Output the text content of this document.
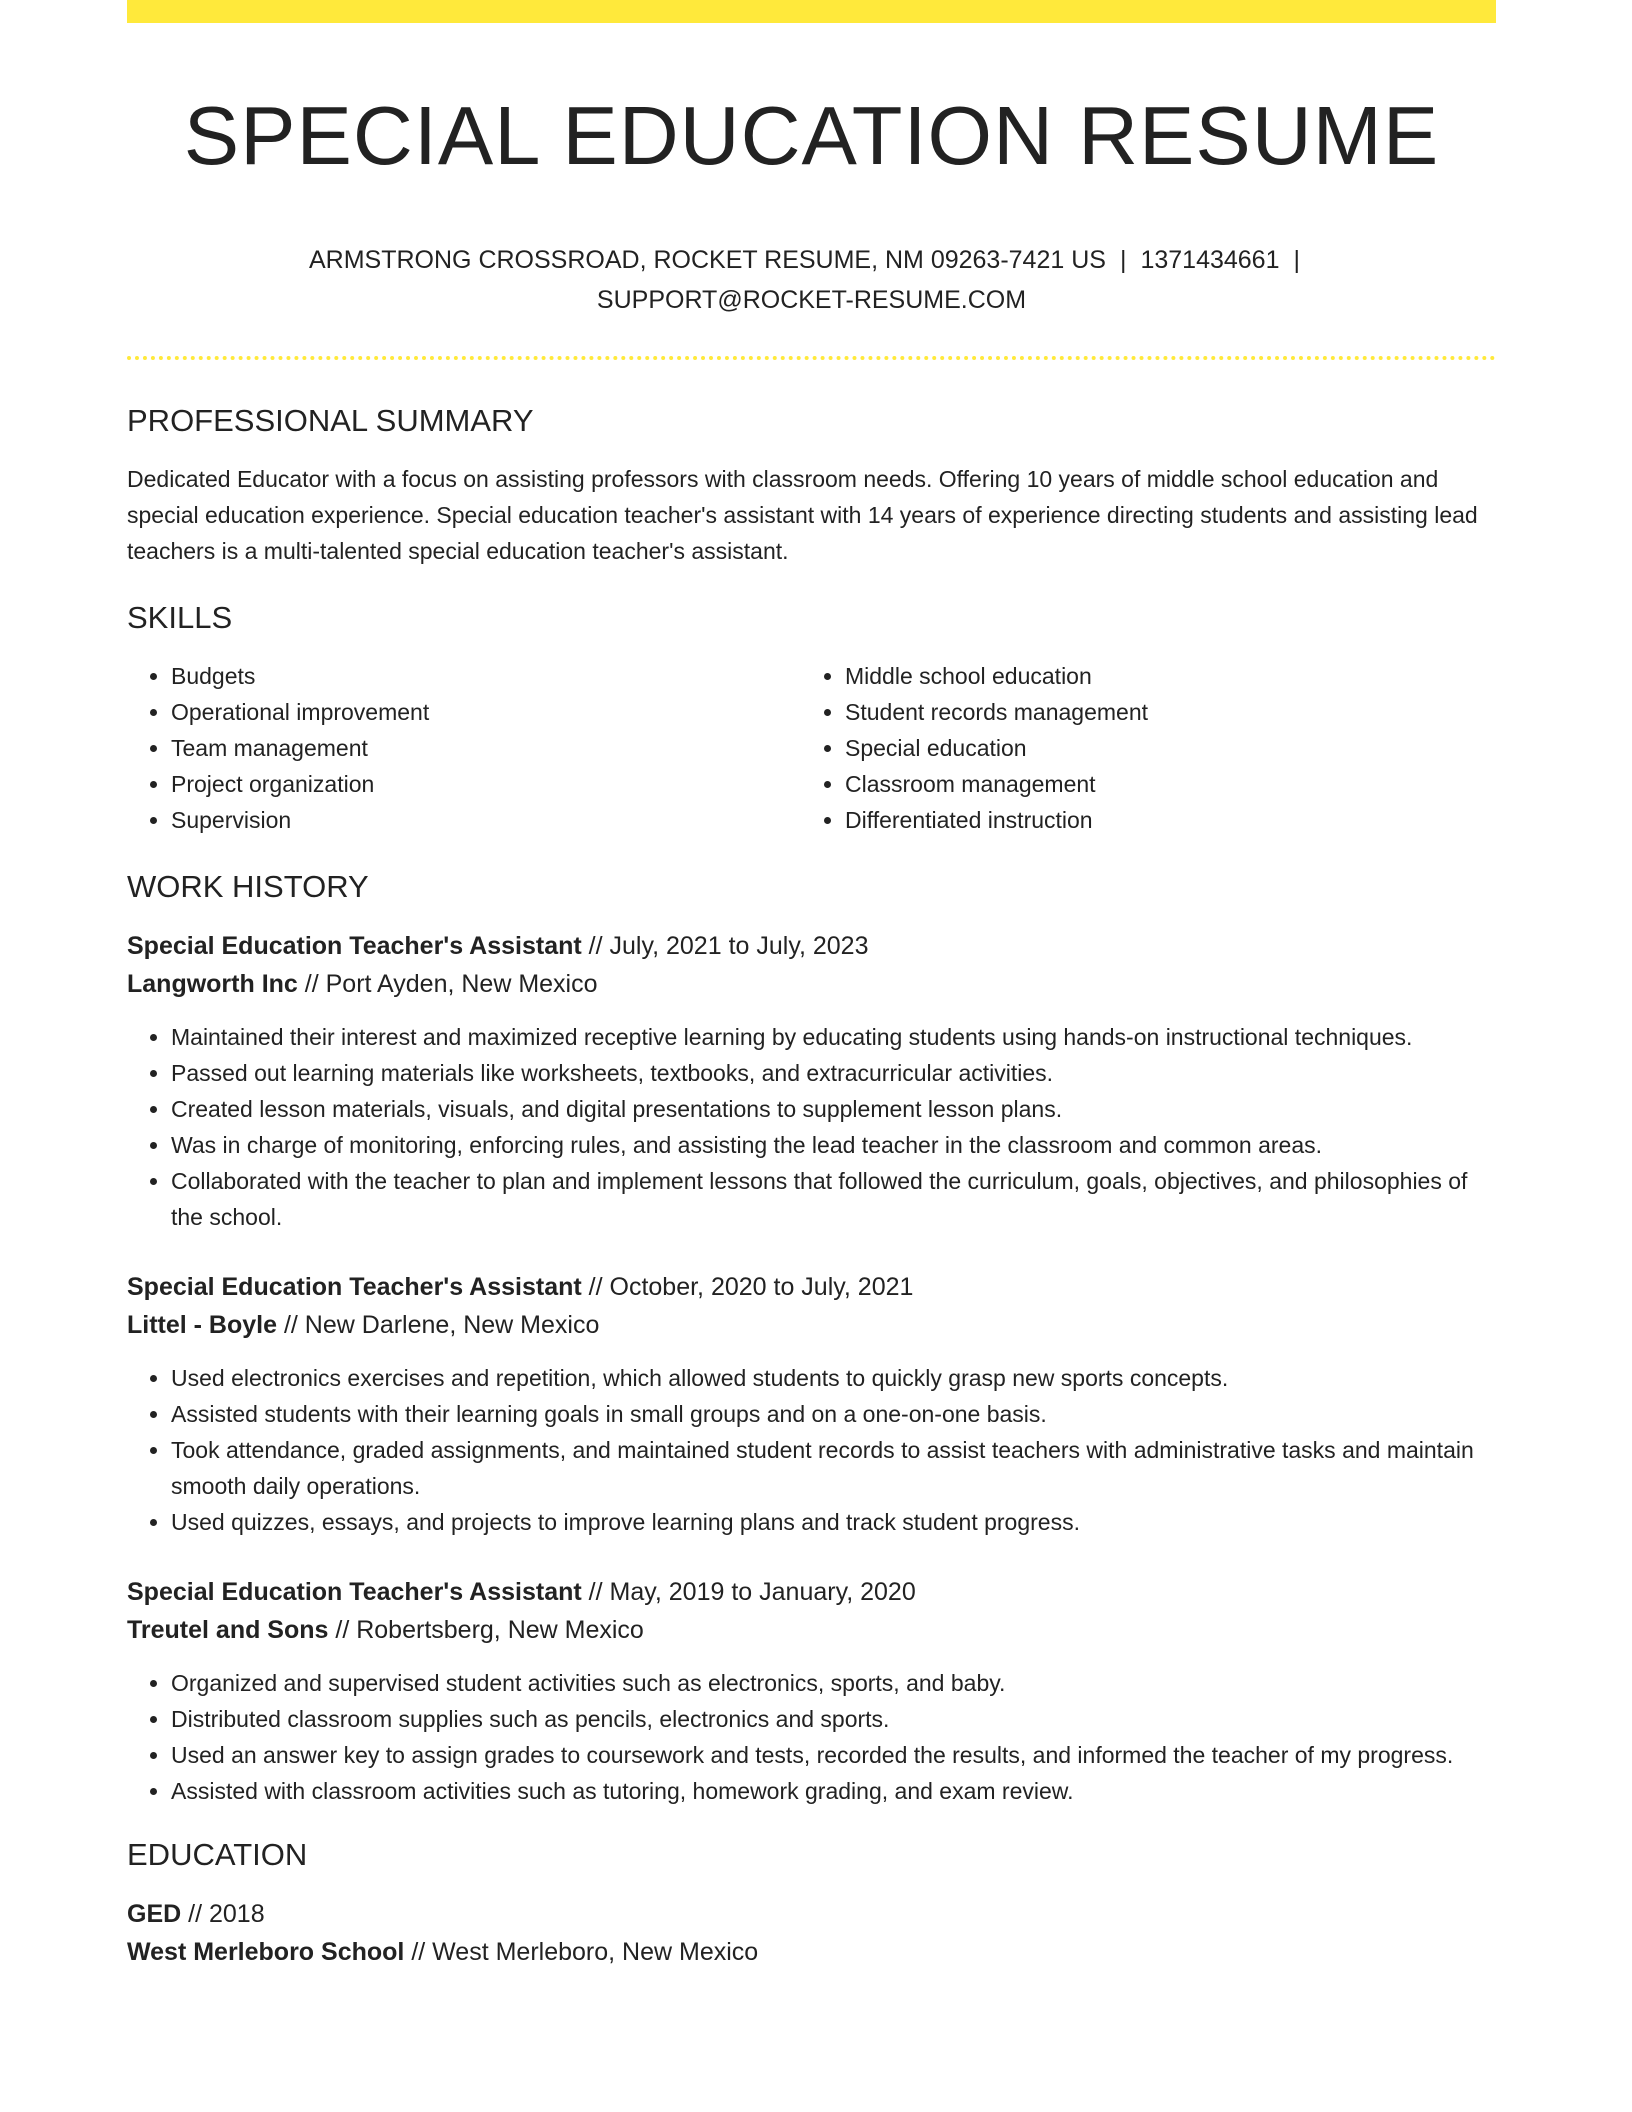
SPECIAL EDUCATION RESUME
ARMSTRONG CROSSROAD, ROCKET RESUME, NM 09263-7421 US | 1371434661 |
SUPPORT@ROCKET-RESUME.COM
PROFESSIONAL SUMMARY
Dedicated Educator with a focus on assisting professors with classroom needs. Offering 10 years of middle school education and special education experience. Special education teacher's assistant with 14 years of experience directing students and assisting lead teachers is a multi-talented special education teacher's assistant.
SKILLS
• Budgets
• Operational improvement
• Team management
• Project organization
• Supervision
• Middle school education
• Student records management
• Special education
• Classroom management
• Differentiated instruction
WORK HISTORY
Special Education Teacher's Assistant // July, 2021 to July, 2023
Langworth Inc // Port Ayden, New Mexico
• Maintained their interest and maximized receptive learning by educating students using hands-on instructional techniques.
• Passed out learning materials like worksheets, textbooks, and extracurricular activities.
• Created lesson materials, visuals, and digital presentations to supplement lesson plans.
• Was in charge of monitoring, enforcing rules, and assisting the lead teacher in the classroom and common areas.
• Collaborated with the teacher to plan and implement lessons that followed the curriculum, goals, objectives, and philosophies of the school.
Special Education Teacher's Assistant // October, 2020 to July, 2021
Littel - Boyle // New Darlene, New Mexico
• Used electronics exercises and repetition, which allowed students to quickly grasp new sports concepts.
• Assisted students with their learning goals in small groups and on a one-on-one basis.
• Took attendance, graded assignments, and maintained student records to assist teachers with administrative tasks and maintain smooth daily operations.
• Used quizzes, essays, and projects to improve learning plans and track student progress.
Special Education Teacher's Assistant // May, 2019 to January, 2020
Treutel and Sons // Robertsberg, New Mexico
• Organized and supervised student activities such as electronics, sports, and baby.
• Distributed classroom supplies such as pencils, electronics and sports.
• Used an answer key to assign grades to coursework and tests, recorded the results, and informed the teacher of my progress.
• Assisted with classroom activities such as tutoring, homework grading, and exam review.
EDUCATION
GED // 2018
West Merleboro School // West Merleboro, New Mexico
